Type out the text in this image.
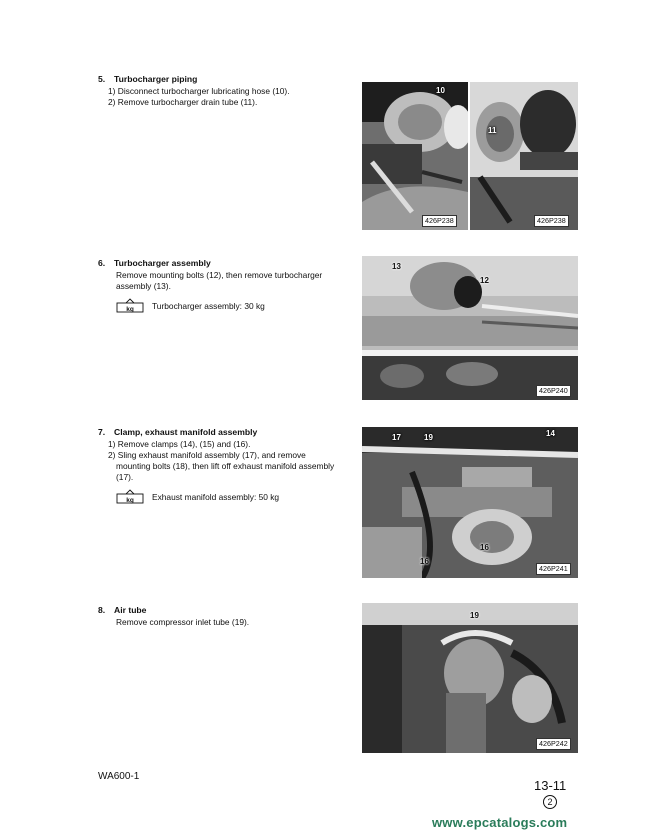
5. Turbocharger piping
1) Disconnect turbocharger lubricating hose (10).
2) Remove turbocharger drain tube (11).
6. Turbocharger assembly
Remove mounting bolts (12), then remove turbocharger assembly (13).
kg	Turbocharger assembly: 30 kg
7. Clamp, exhaust manifold assembly
1) Remove clamps (14), (15) and (16).
2) Sling exhaust manifold assembly (17), and remove mounting bolts (18), then lift off exhaust manifold assembly (17).
kg	Exhaust manifold assembly: 50 kg
8. Air tube
Remove compressor inlet tube (19).
10
426P238
11
426P238
13
12
426P240
17	19	14
16
16
426P241
19
426P242
WA600-1
13-11
2
www.epcatalogs.com
